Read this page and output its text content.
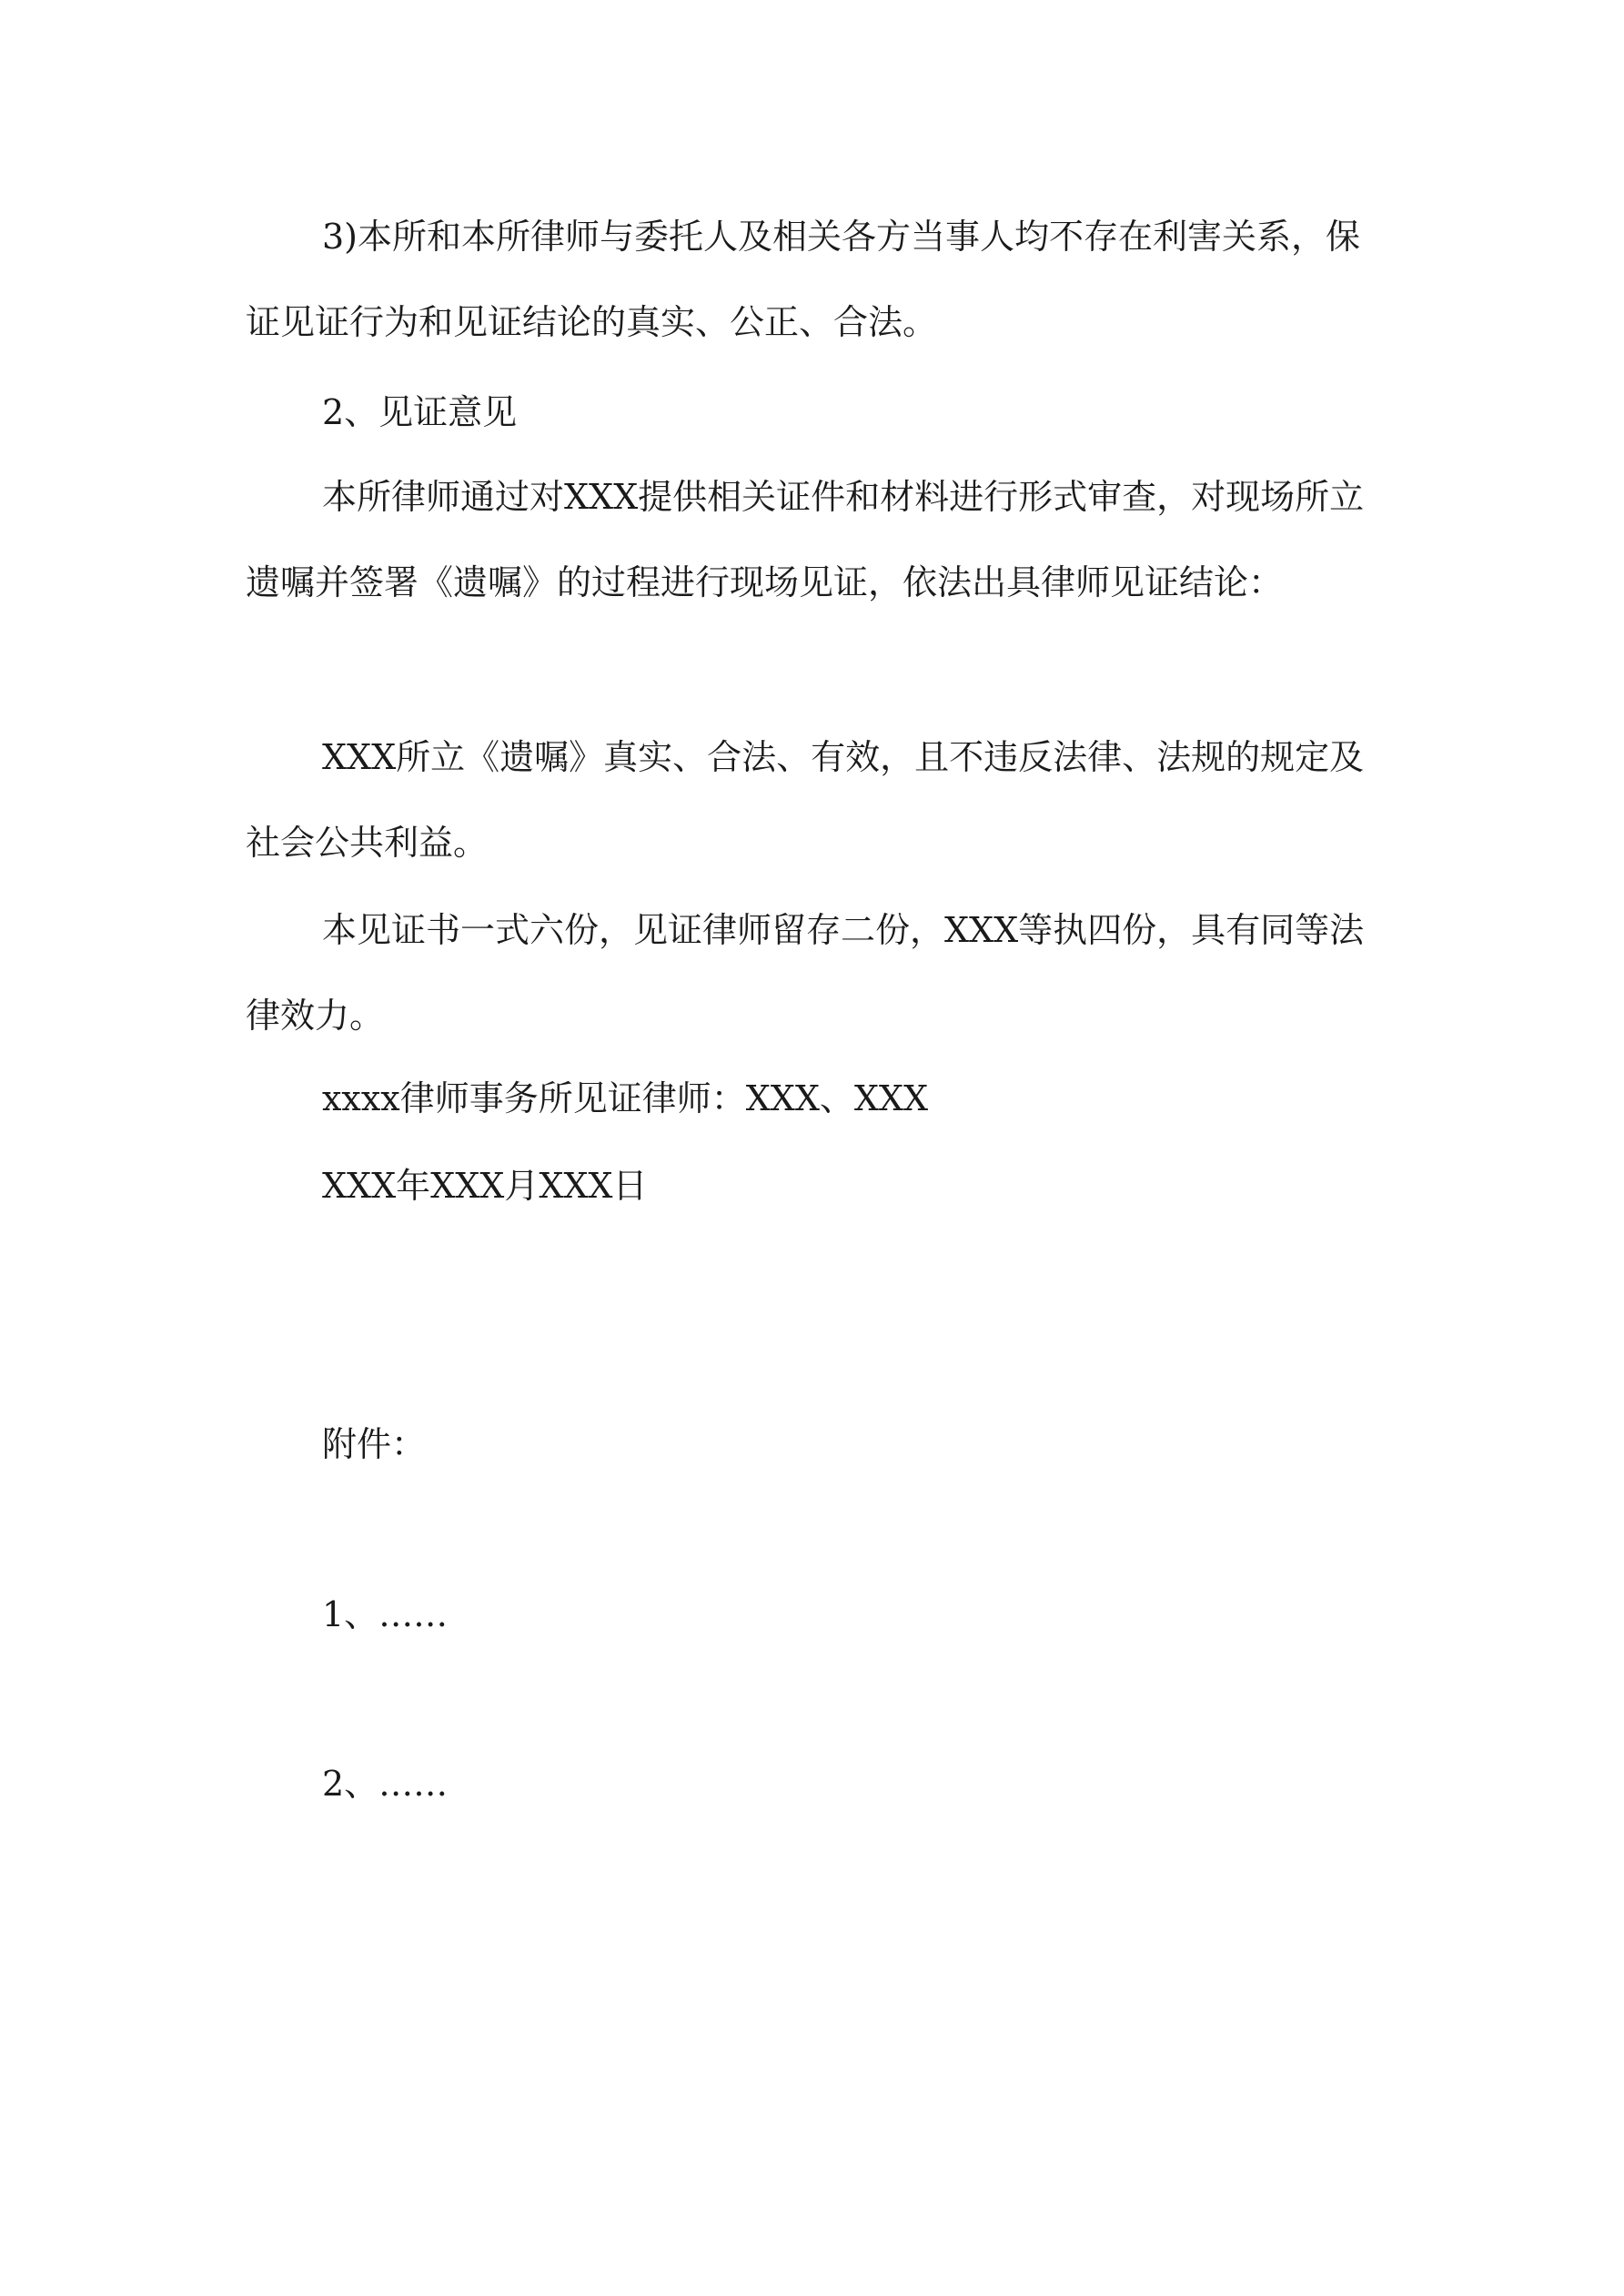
3)本所和本所律师与委托人及相关各方当事人均不存在利害关系，保证见证行为和见证结论的真实、公正、合法。

2、见证意见

本所律师通过对XXX提供相关证件和材料进行形式审查，对现场所立遗嘱并签署《遗嘱》的过程进行现场见证，依法出具律师见证结论：

XXX所立《遗嘱》真实、合法、有效，且不违反法律、法规的规定及社会公共利益。

本见证书一式六份，见证律师留存二份，XXX等执四份，具有同等法律效力。

xxxx律师事务所见证律师：XXX、XXX

XXX年XXX月XXX日

附件：

1、……

2、……
